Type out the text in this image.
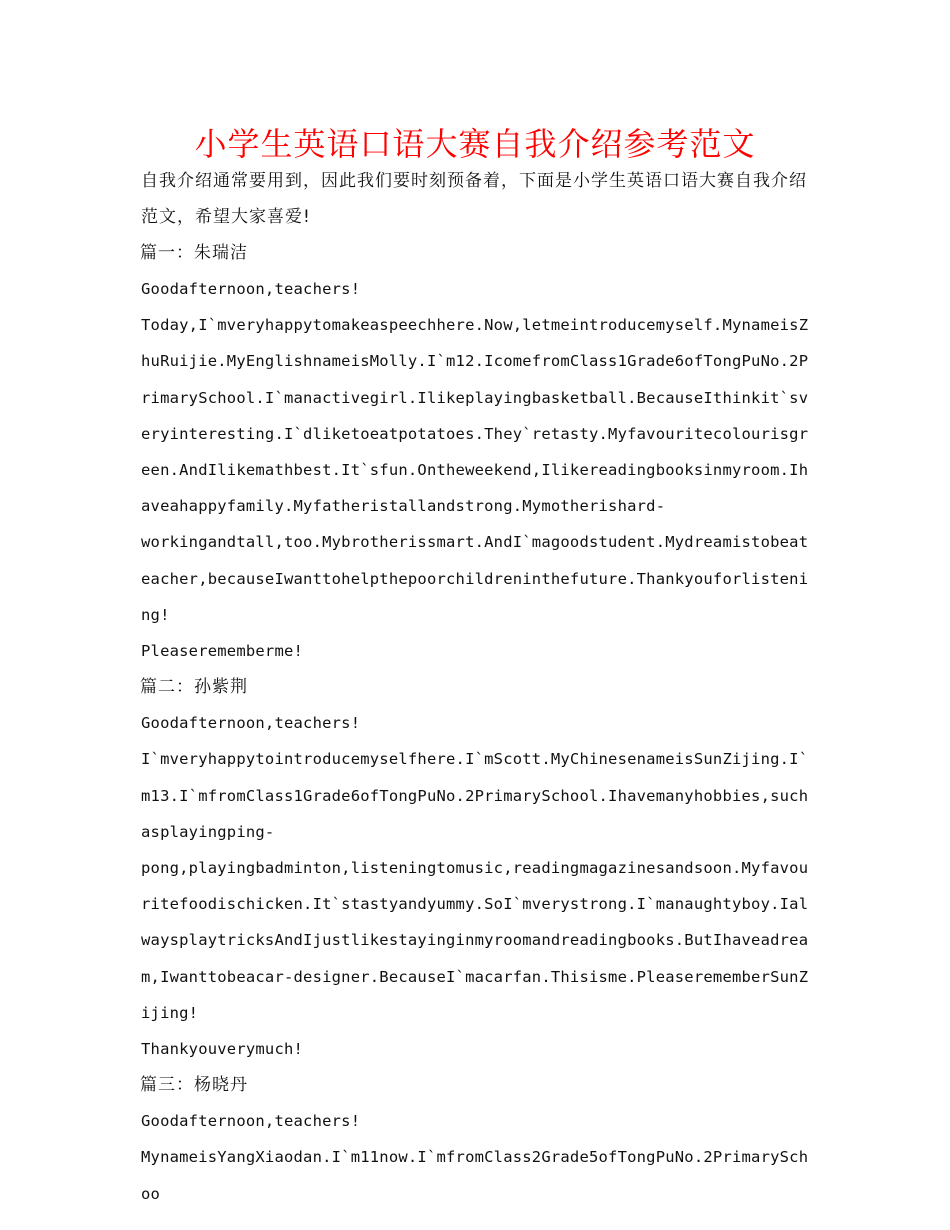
小学生英语口语大赛自我介绍参考范文

自我介绍通常要用到，因此我们要时刻预备着，下面是小学生英语口语大赛自我介绍范文，希望大家喜爱!

篇一：朱瑞洁

Goodafternoon,teachers!

Today,I`mveryhappytomakeaspeechhere.Now,letmeintroducemyself.MynameisZhuRuijie.MyEnglishnameisMolly.I`m12.IcomefromClass1Grade6ofTongPuNo.2PrimarySchool.I`manactivegirl.Ilikeplayingbasketball.BecauseIthinkit`sveryinteresting.I`dliketoeatpotatoes.They`retasty.Myfavouritecolourisgreen.AndIlikemathbest.It`sfun.Ontheweekend,Ilikereadingbooksinmyroom.Ihaveahappyfamily.Myfatheristallandstrong.Mymotherishard-

workingandtall,too.Mybrotherissmart.AndI`magoodstudent.Mydreamistobeateacher,becauseIwanttohelpthepoorchildreninthefuture.Thankyouforlistening!

Pleaserememberme!

篇二：孙紫荆

Goodafternoon,teachers!

I`mveryhappytointroducemyselfhere.I`mScott.MyChinesenameisSunZijing.I`m13.I`mfromClass1Grade6ofTongPuNo.2PrimarySchool.Ihavemanyhobbies,suchasplayingping-

pong,playingbadminton,listeningtomusic,readingmagazinesandsoon.Myfavouritefoodischicken.It`stastyandyummy.SoI`mverystrong.I`manaughtyboy.IalwaysplaytricksAndIjustlikestayinginmyroomandreadingbooks.ButIhaveadream,Iwanttobeacar-designer.BecauseI`macarfan.Thisisme.PleaserememberSunZijing!

Thankyouverymuch!

篇三：杨晓丹

Goodafternoon,teachers!

MynameisYangXiaodan.I`m11now.I`mfromClass2Grade5ofTongPuNo.2PrimarySchoo
